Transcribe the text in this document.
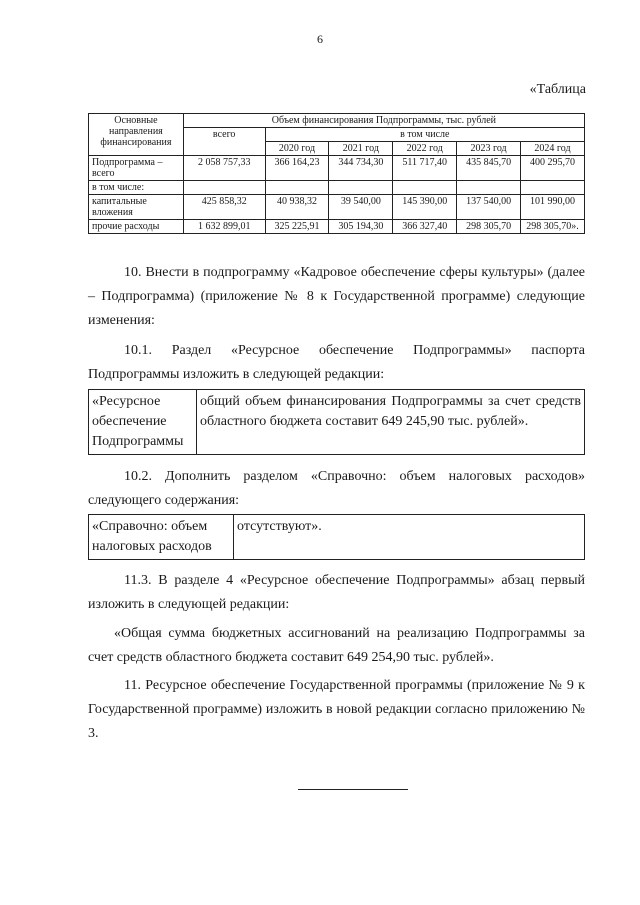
6
«Таблица
Основные направления финансирования	Объем финансирования Подпрограммы, тыс. рублей					
	всего	в том числе				
		2020 год	2021 год	2022 год	2023 год	2024 год
Подпрограмма – всего	2 058 757,33	366 164,23	344 734,30	511 717,40	435 845,70	400 295,70
в том числе:						
капитальные вложения	425 858,32	40 938,32	39 540,00	145 390,00	137 540,00	101 990,00
прочие расходы	1 632 899,01	325 225,91	305 194,30	366 327,40	298 305,70	298 305,70».

10. Внести в подпрограмму «Кадровое обеспечение сферы культуры» (далее – Подпрограмма) (приложение № 8 к Государственной программе) следующие изменения:

10.1. Раздел «Ресурсное обеспечение Подпрограммы» паспорта Подпрограммы изложить в следующей редакции:

«Ресурсное обеспечение Подпрограммы	общий объем финансирования Подпрограммы за счет средств областного бюджета составит 649 245,90 тыс. рублей».

10.2. Дополнить разделом «Справочно: объем налоговых расходов» следующего содержания:

«Справочно: объем налоговых расходов	отсутствуют».

11.3. В разделе 4 «Ресурсное обеспечение Подпрограммы» абзац первый изложить в следующей редакции:

«Общая сумма бюджетных ассигнований на реализацию Подпрограммы за счет средств областного бюджета составит 649 254,90 тыс. рублей».

11. Ресурсное обеспечение Государственной программы (приложение № 9 к Государственной программе) изложить в новой редакции согласно приложению № 3.
